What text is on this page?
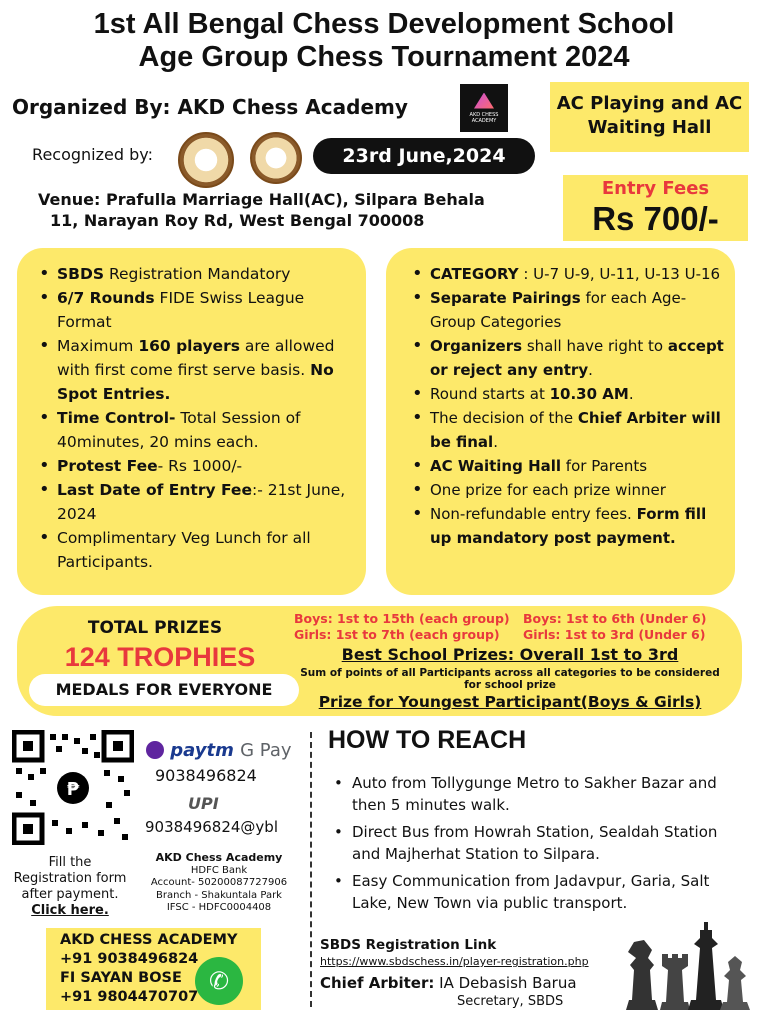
1st All Bengal Chess Development School
Age Group Chess Tournament 2024
Organized By: AKD Chess Academy	AKD CHESS ACADEMY
AC Playing and AC Waiting Hall
Recognized by:	23rd June,2024
Venue: Prafulla Marriage Hall(AC), Silpara Behala
11, Narayan Roy Rd, West Bengal 700008
Entry Fees
Rs 700/-
• SBDS Registration Mandatory
• 6/7 Rounds FIDE Swiss League Format
• Maximum 160 players are allowed with first come first serve basis. No Spot Entries.
• Time Control- Total Session of 40minutes, 20 mins each.
• Protest Fee- Rs 1000/-
• Last Date of Entry Fee:- 21st June, 2024
• Complimentary Veg Lunch for all Participants.
• CATEGORY : U-7 U-9, U-11, U-13 U-16
• Separate Pairings for each Age-Group Categories
• Organizers shall have right to accept or reject any entry.
• Round starts at 10.30 AM.
• The decision of the Chief Arbiter will be final.
• AC Waiting Hall for Parents
• One prize for each prize winner
• Non-refundable entry fees. Form fill up mandatory post payment.
TOTAL PRIZES
124 TROPHIES
MEDALS FOR EVERYONE
Boys: 1st to 15th (each group)
Girls: 1st to 7th (each group)
Boys: 1st to 6th (Under 6)
Girls: 1st to 3rd (Under 6)
Best School Prizes: Overall 1st to 3rd
Sum of points of all Participants across all categories to be considered for school prize
Prize for Youngest Participant(Boys & Girls)
₱
Fill the Registration form after payment.
Click here.
paytm G Pay
9038496824
UPI
9038496824@ybl
AKD Chess Academy
HDFC Bank
Account- 50200087727906
Branch - Shakuntala Park
IFSC - HDFC0004408
AKD CHESS ACADEMY
+91 9038496824
FI SAYAN BOSE
+91 9804470707
✆
HOW TO REACH
• Auto from Tollygunge Metro to Sakher Bazar and then 5 minutes walk.
• Direct Bus from Howrah Station, Sealdah Station and Majherhat Station to Silpara.
• Easy Communication from Jadavpur, Garia, Salt Lake, New Town via public transport.
SBDS Registration Link
https://www.sbdschess.in/player-registration.php
Chief Arbiter: IA Debasish Barua
Secretary, SBDS
